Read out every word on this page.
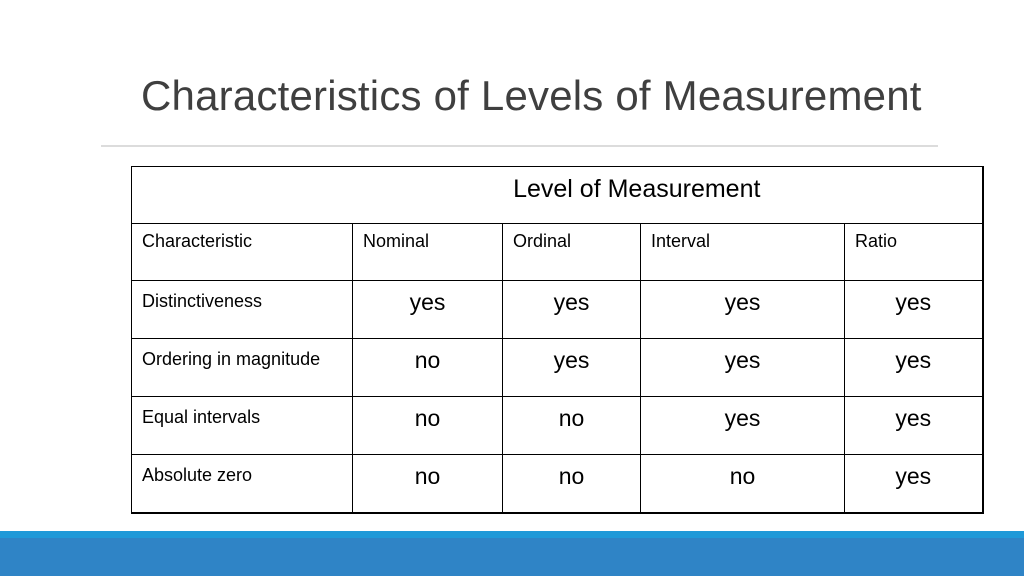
Characteristics of Levels of Measurement
Level of Measurement				
Characteristic	Nominal	Ordinal	Interval	Ratio
Distinctiveness	yes	yes	yes	yes
Ordering in magnitude	no	yes	yes	yes
Equal intervals	no	no	yes	yes
Absolute zero	no	no	no	yes
